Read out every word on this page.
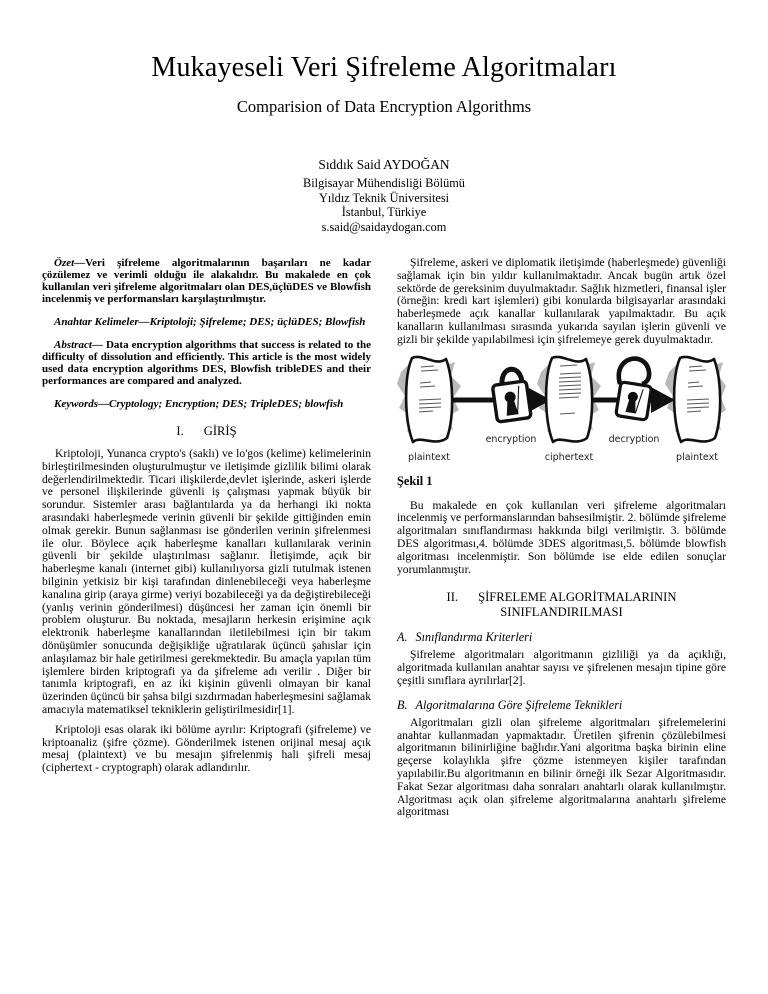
Mukayeseli Veri Şifreleme Algoritmaları
Comparision of Data Encryption Algorithms
Sıddık Said AYDOĞAN
Bilgisayar Mühendisliği Bölümü
Yıldız Teknik Üniversitesi
İstanbul, Türkiye
s.said@saidaydogan.com

Özet—Veri şifreleme algoritmalarının başarıları ne kadar çözülemez ve verimli olduğu ile alakalıdır. Bu makalede en çok kullanılan veri şifreleme algoritmaları olan DES,üçlüDES ve Blowfish incelenmiş ve performansları karşılaştırılmıştır.

Anahtar Kelimeler—Kriptoloji; Şifreleme; DES; üçlüDES; Blowfish

Abstract— Data encryption algorithms that success is related to the difficulty of dissolution and efficiently. This article is the most widely used data encryption algorithms DES, Blowfish tribleDES and their performances are compared and analyzed.

Keywords—Cryptology; Encryption; DES; TripleDES; blowfish

I. GİRİŞ

Kriptoloji, Yunanca crypto's (saklı) ve lo'gos (kelime) kelimelerinin birleştirilmesinden oluşturulmuştur ve iletişimde gizlilik bilimi olarak değerlendirilmektedir. Ticari ilişkilerde,devlet işlerinde, askeri işlerde ve personel ilişkilerinde güvenli iş çalışması yapmak büyük bir sorundur. Sistemler arası bağlantılarda ya da herhangi iki nokta arasındaki haberleşmede verinin güvenli bir şekilde gittiğinden emin olmak gerekir. Bunun sağlanması ise gönderilen verinin şifrelenmesi ile olur. Böylece açık haberleşme kanalları kullanılarak verinin güvenli bir şekilde ulaştırılması sağlanır. İletişimde, açık bir haberleşme kanalı (internet gibi) kullanılıyorsa gizli tutulmak istenen bilginin yetkisiz bir kişi tarafından dinlenebileceği veya haberleşme kanalına girip (araya girme) veriyi bozabileceği ya da değiştirebileceği (yanlış verinin gönderilmesi) düşüncesi her zaman için önemli bir problem oluşturur. Bu noktada, mesajların herkesin erişimine açık elektronik haberleşme kanallarından iletilebilmesi için bir takım dönüşümler sonucunda değişikliğe uğratılarak üçüncü şahıslar için anlaşılamaz bir hale getirilmesi gerekmektedir. Bu amaçla yapılan tüm işlemlere birden kriptografi ya da şifreleme adı verilir . Diğer bir tanımla kriptografi, en az iki kişinin güvenli olmayan bir kanal üzerinden üçüncü bir şahsa bilgi sızdırmadan haberleşmesini sağlamak amacıyla matematiksel tekniklerin geliştirilmesidir[1].

Kriptoloji esas olarak iki bölüme ayrılır: Kriptografi (şifreleme) ve kriptoanaliz (şifre çözme). Gönderilmek istenen orijinal mesaj açık mesaj (plaintext) ve bu mesajın şifrelenmiş hali şifreli mesaj (ciphertext - cryptograph) olarak adlandırılır.

Şifreleme, askeri ve diplomatik iletişimde (haberleşmede) güvenliği sağlamak için bin yıldır kullanılmaktadır. Ancak bugün artık özel sektörde de gereksinim duyulmaktadır. Sağlık hizmetleri, finansal işler (örneğin: kredi kart işlemleri) gibi konularda bilgisayarlar arasındaki haberleşmede açık kanallar kullanılarak yapılmaktadır. Bu açık kanalların kullanılması sırasında yukarıda sayılan işlerin güvenli ve gizli bir şekilde yapılabilmesi için şifrelemeye gerek duyulmaktadır.

plaintext
encryption
ciphertext
decryption
plaintext
Şekil 1

Bu makalede en çok kullanılan veri şifreleme algoritmaları incelenmiş ve performanslarından bahsesilmiştir. 2. bölümde şifreleme algoritmaları sınıflandırması hakkında bilgi verilmiştir. 3. bölümde DES algoritması,4. bölümde 3DES algoritması,5. bölümde blowfish algoritması incelenmiştir. Son bölümde ise elde edilen sonuçlar yorumlanmıştır.

II. ŞİFRELEME ALGORİTMALARININ
SINIFLANDIRILMASI
A. Sınıflandırma Kriterleri

Şifreleme algoritmaları algoritmanın gizliliği ya da açıklığı, algoritmada kullanılan anahtar sayısı ve şifrelenen mesajın tipine göre çeşitli sınıflara ayrılırlar[2].

B. Algoritmalarına Göre Şifreleme Teknikleri

Algoritmaları gizli olan şifreleme algoritmaları şifrelemelerini anahtar kullanmadan yapmaktadır. Üretilen şifrenin çözülebilmesi algoritmanın bilinirliğine bağlıdır.Yani algoritma başka birinin eline geçerse kolaylıkla şifre çözme istenmeyen kişiler tarafından yapılabilir.Bu algoritmanın en bilinir örneği ilk Sezar Algoritmasıdır. Fakat Sezar algoritması daha sonraları anahtarlı olarak kullanılmıştır. Algoritması açık olan şifreleme algoritmalarına anahtarlı şifreleme algoritması
